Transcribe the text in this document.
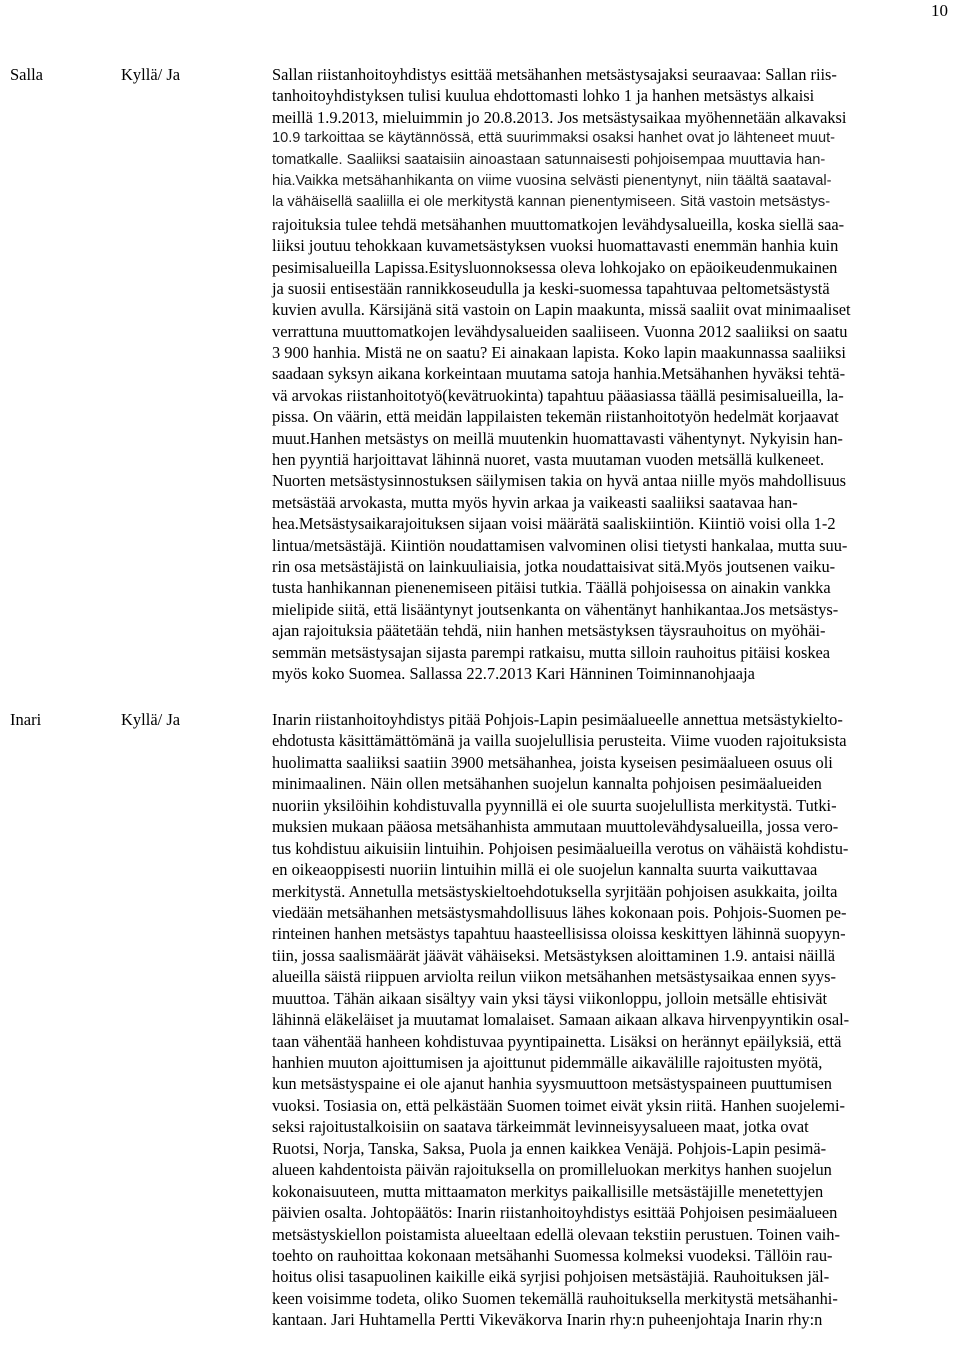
10
Salla	Kyllä/ Ja	Sallan riistanhoitoyhdistys esittää metsähanhen metsästysajaksi seuraavaa: Sallan riis-
tanhoitoyhdistyksen tulisi kuulua ehdottomasti lohko 1 ja hanhen metsästys alkaisi
meillä 1.9.2013, mieluimmin jo 20.8.2013. Jos metsästysaikaa myöhennetään alkavaksi
10.9 tarkoittaa se käytännössä, että suurimmaksi osaksi hanhet ovat jo lähteneet muut-
tomatkalle. Saaliiksi saataisiin ainoastaan satunnaisesti pohjoisempaa muuttavia han-
hia.Vaikka metsähanhikanta on viime vuosina selvästi pienentynyt, niin täältä saataval-
la vähäisellä saaliilla ei ole merkitystä kannan pienentymiseen. Sitä vastoin metsästys-
rajoituksia tulee tehdä metsähanhen muuttomatkojen levähdysalueilla, koska siellä saa-
liiksi joutuu tehokkaan kuvametsästyksen vuoksi huomattavasti enemmän hanhia kuin
pesimisalueilla Lapissa.Esitysluonnoksessa oleva lohkojako on epäoikeudenmukainen
ja suosii entisestään rannikkoseudulla ja keski-suomessa tapahtuvaa peltometsästystä
kuvien avulla. Kärsijänä sitä vastoin on Lapin maakunta, missä saaliit ovat minimaaliset
verrattuna muuttomatkojen levähdysalueiden saaliiseen. Vuonna 2012 saaliiksi on saatu
3 900 hanhia. Mistä ne on saatu? Ei ainakaan lapista. Koko lapin maakunnassa saaliiksi
saadaan syksyn aikana korkeintaan muutama satoja hanhia.Metsähanhen hyväksi tehtä-
vä arvokas riistanhoitotyö(kevätruokinta) tapahtuu pääasiassa täällä pesimisalueilla, la-
pissa. On väärin, että meidän lappilaisten tekemän riistanhoitotyön hedelmät korjaavat
muut.Hanhen metsästys on meillä muutenkin huomattavasti vähentynyt. Nykyisin han-
hen pyyntiä harjoittavat lähinnä nuoret, vasta muutaman vuoden metsällä kulkeneet.
Nuorten metsästysinnostuksen säilymisen takia on hyvä antaa niille myös mahdollisuus
metsästää arvokasta, mutta myös hyvin arkaa ja vaikeasti saaliiksi saatavaa han-
hea.Metsästysaikarajoituksen sijaan voisi määrätä saaliskiintiön. Kiintiö voisi olla 1-2
lintua/metsästäjä. Kiintiön noudattamisen valvominen olisi tietysti hankalaa, mutta suu-
rin osa metsästäjistä on lainkuuliaisia, jotka noudattaisivat sitä.Myös joutsenen vaiku-
tusta hanhikannan pienenemiseen pitäisi tutkia. Täällä pohjoisessa on ainakin vankka
mielipide siitä, että lisääntynyt joutsenkanta on vähentänyt hanhikantaa.Jos metsästys-
ajan rajoituksia päätetään tehdä, niin hanhen metsästyksen täysrauhoitus on myöhäi-
semmän metsästysajan sijasta parempi ratkaisu, mutta silloin rauhoitus pitäisi koskea
myös koko Suomea. Sallassa 22.7.2013 Kari Hänninen Toiminnanohjaaja
Inari	Kyllä/ Ja	Inarin riistanhoitoyhdistys pitää Pohjois-Lapin pesimäalueelle annettua metsästykielto-
ehdotusta käsittämättömänä ja vailla suojelullisia perusteita. Viime vuoden rajoituksista
huolimatta saaliiksi saatiin 3900 metsähanhea, joista kyseisen pesimäalueen osuus oli
minimaalinen. Näin ollen metsähanhen suojelun kannalta pohjoisen pesimäalueiden
nuoriin yksilöihin kohdistuvalla pyynnillä ei ole suurta suojelullista merkitystä. Tutki-
muksien mukaan pääosa metsähanhista ammutaan muuttolevähdysalueilla, jossa vero-
tus kohdistuu aikuisiin lintuihin. Pohjoisen pesimäalueilla verotus on vähäistä kohdistu-
en oikeaoppisesti nuoriin lintuihin millä ei ole suojelun kannalta suurta vaikuttavaa
merkitystä. Annetulla metsästyskieltoehdotuksella syrjitään pohjoisen asukkaita, joilta
viedään metsähanhen metsästysmahdollisuus lähes kokonaan pois. Pohjois-Suomen pe-
rinteinen hanhen metsästys tapahtuu haasteellisissa oloissa keskittyen lähinnä suopyyn-
tiin, jossa saalismäärät jäävät vähäiseksi. Metsästyksen aloittaminen 1.9. antaisi näillä
alueilla säistä riippuen arviolta reilun viikon metsähanhen metsästysaikaa ennen syys-
muuttoa. Tähän aikaan sisältyy vain yksi täysi viikonloppu, jolloin metsälle ehtisivät
lähinnä eläkeläiset ja muutamat lomalaiset. Samaan aikaan alkava hirvenpyyntikin osal-
taan vähentää hanheen kohdistuvaa pyyntipainetta. Lisäksi on herännyt epäilyksiä, että
hanhien muuton ajoittumisen ja ajoittunut pidemmälle aikavälille rajoitusten myötä,
kun metsästyspaine ei ole ajanut hanhia syysmuuttoon metsästyspaineen puuttumisen
vuoksi. Tosiasia on, että pelkästään Suomen toimet eivät yksin riitä. Hanhen suojelemi-
seksi rajoitustalkoisiin on saatava tärkeimmät levinneisyysalueen maat, jotka ovat
Ruotsi, Norja, Tanska, Saksa, Puola ja ennen kaikkea Venäjä. Pohjois-Lapin pesimä-
alueen kahdentoista päivän rajoituksella on promilleluokan merkitys hanhen suojelun
kokonaisuuteen, mutta mittaamaton merkitys paikallisille metsästäjille menetettyjen
päivien osalta. Johtopäätös: Inarin riistanhoitoyhdistys esittää Pohjoisen pesimäalueen
metsästyskiellon poistamista alueeltaan edellä olevaan tekstiin perustuen. Toinen vaih-
toehto on rauhoittaa kokonaan metsähanhi Suomessa kolmeksi vuodeksi. Tällöin rau-
hoitus olisi tasapuolinen kaikille eikä syrjisi pohjoisen metsästäjiä. Rauhoituksen jäl-
keen voisimme todeta, oliko Suomen tekemällä rauhoituksella merkitystä metsähanhi-
kantaan. Jari Huhtamella Pertti Vikeväkorva Inarin rhy:n puheenjohtaja Inarin rhy:n
